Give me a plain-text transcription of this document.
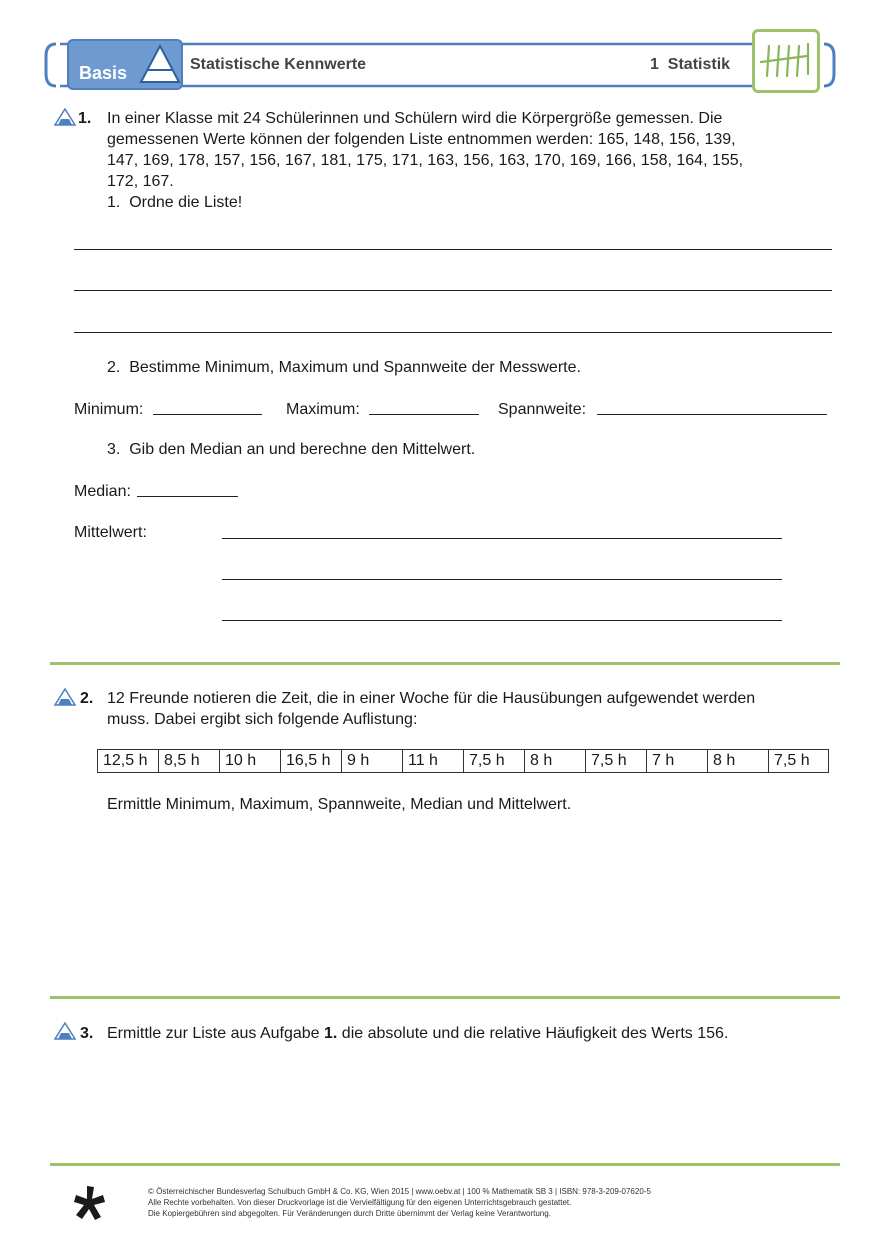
Basis	Statistische Kennwerte	1  Statistik
1. In einer Klasse mit 24 Schülerinnen und Schülern wird die Körpergröße gemessen. Die
gemessenen Werte können der folgenden Liste entnommen werden: 165, 148, 156, 139,
147, 169, 178, 157, 156, 167, 181, 175, 171, 163, 156, 163, 170, 169, 166, 158, 164, 155,
172, 167.
1.  Ordne die Liste!
2.  Bestimme Minimum, Maximum und Spannweite der Messwerte.
Minimum:	Maximum:	Spannweite:
3.  Gib den Median an und berechne den Mittelwert.
Median:
Mittelwert:
2. 12 Freunde notieren die Zeit, die in einer Woche für die Hausübungen aufgewendet werden
muss. Dabei ergibt sich folgende Auflistung:
12,5 h	8,5 h	10 h	16,5 h	9 h	11 h	7,5 h	8 h	7,5 h	7 h	8 h	7,5 h
Ermittle Minimum, Maximum, Spannweite, Median und Mittelwert.
3. Ermittle zur Liste aus Aufgabe 1. die absolute und die relative Häufigkeit des Werts 156.
© Österreichischer Bundesverlag Schulbuch GmbH & Co. KG, Wien 2015 | www.oebv.at | 100 % Mathematik SB 3 | ISBN: 978-3-209-07620-5
Alle Rechte vorbehalten. Von dieser Druckvorlage ist die Vervielfältigung für den eigenen Unterrichtsgebrauch gestattet.
Die Kopiergebühren sind abgegolten. Für Veränderungen durch Dritte übernimmt der Verlag keine Verantwortung.
